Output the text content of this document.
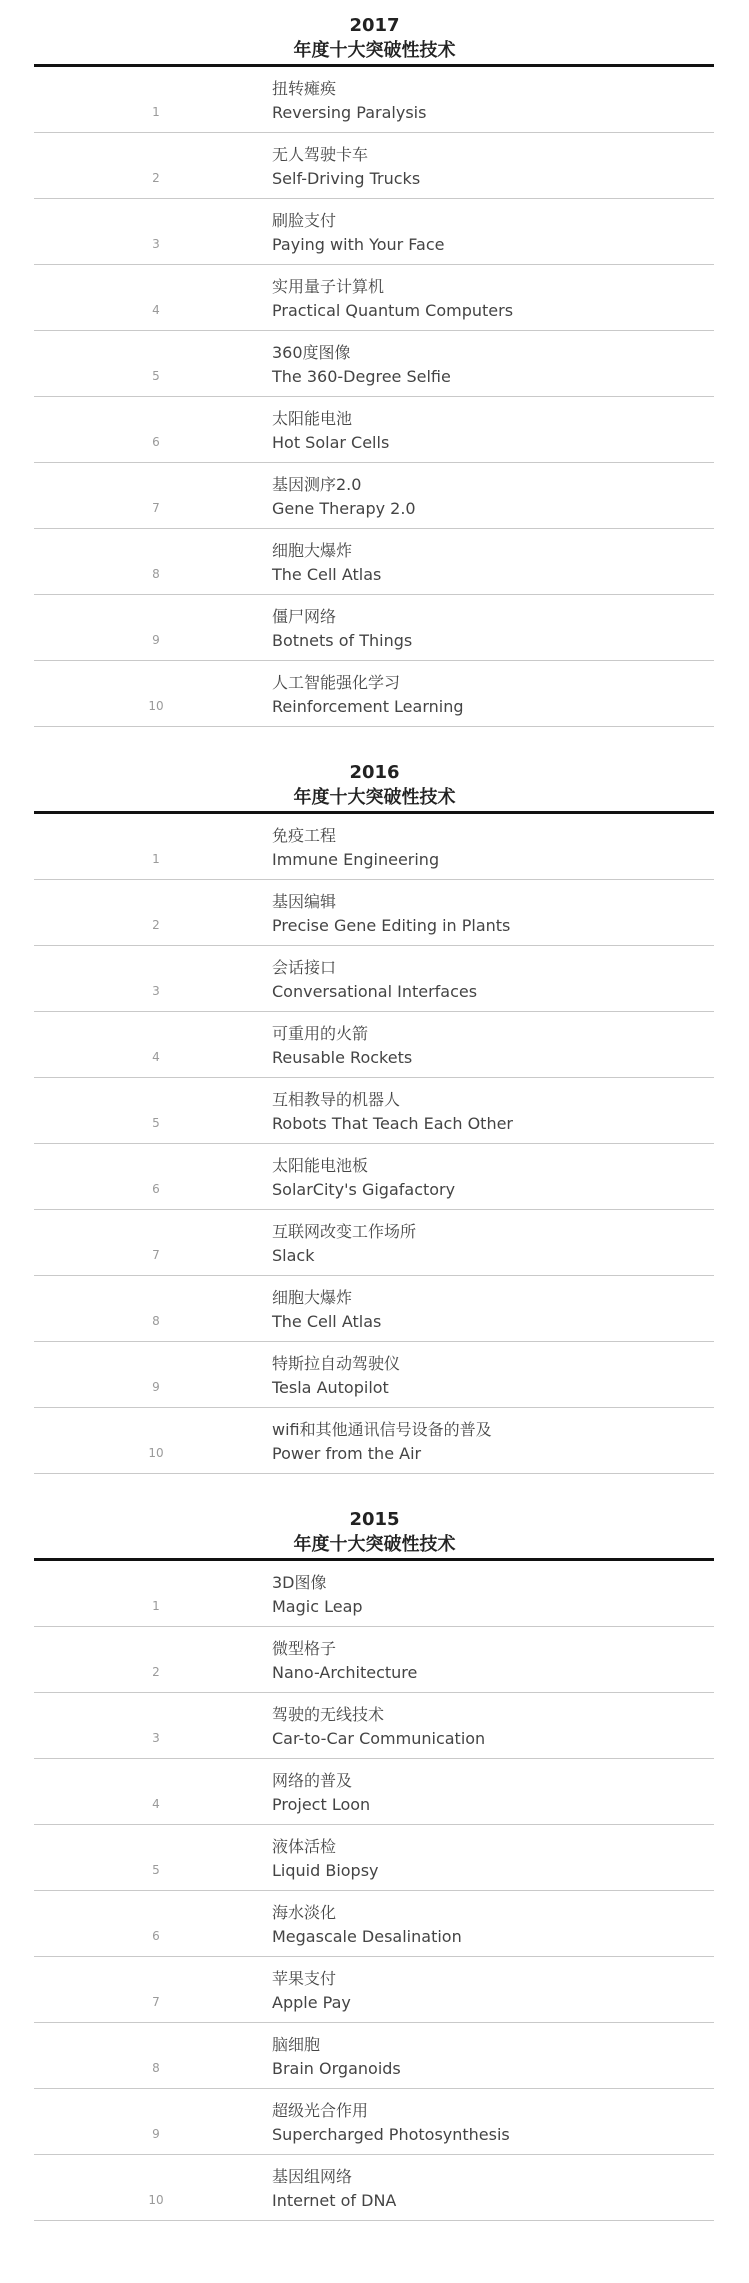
2017
年度十大突破性技术
1
扭转瘫痪
Reversing Paralysis
2
无人驾驶卡车
Self-Driving Trucks
3
刷脸支付
Paying with Your Face
4
实用量子计算机
Practical Quantum Computers
5
360度图像
The 360-Degree Selfie
6
太阳能电池
Hot Solar Cells
7
基因测序2.0
Gene Therapy 2.0
8
细胞大爆炸
The Cell Atlas
9
僵尸网络
Botnets of Things
10
人工智能强化学习
Reinforcement Learning
2016
年度十大突破性技术
1
免疫工程
Immune Engineering
2
基因编辑
Precise Gene Editing in Plants
3
会话接口
Conversational Interfaces
4
可重用的火箭
Reusable Rockets
5
互相教导的机器人
Robots That Teach Each Other
6
太阳能电池板
SolarCity's Gigafactory
7
互联网改变工作场所
Slack
8
细胞大爆炸
The Cell Atlas
9
特斯拉自动驾驶仪
Tesla Autopilot
10
wifi和其他通讯信号设备的普及
Power from the Air
2015
年度十大突破性技术
1
3D图像
Magic Leap
2
微型格子
Nano-Architecture
3
驾驶的无线技术
Car-to-Car Communication
4
网络的普及
Project Loon
5
液体活检
Liquid Biopsy
6
海水淡化
Megascale Desalination
7
苹果支付
Apple Pay
8
脑细胞
Brain Organoids
9
超级光合作用
Supercharged Photosynthesis
10
基因组网络
Internet of DNA
